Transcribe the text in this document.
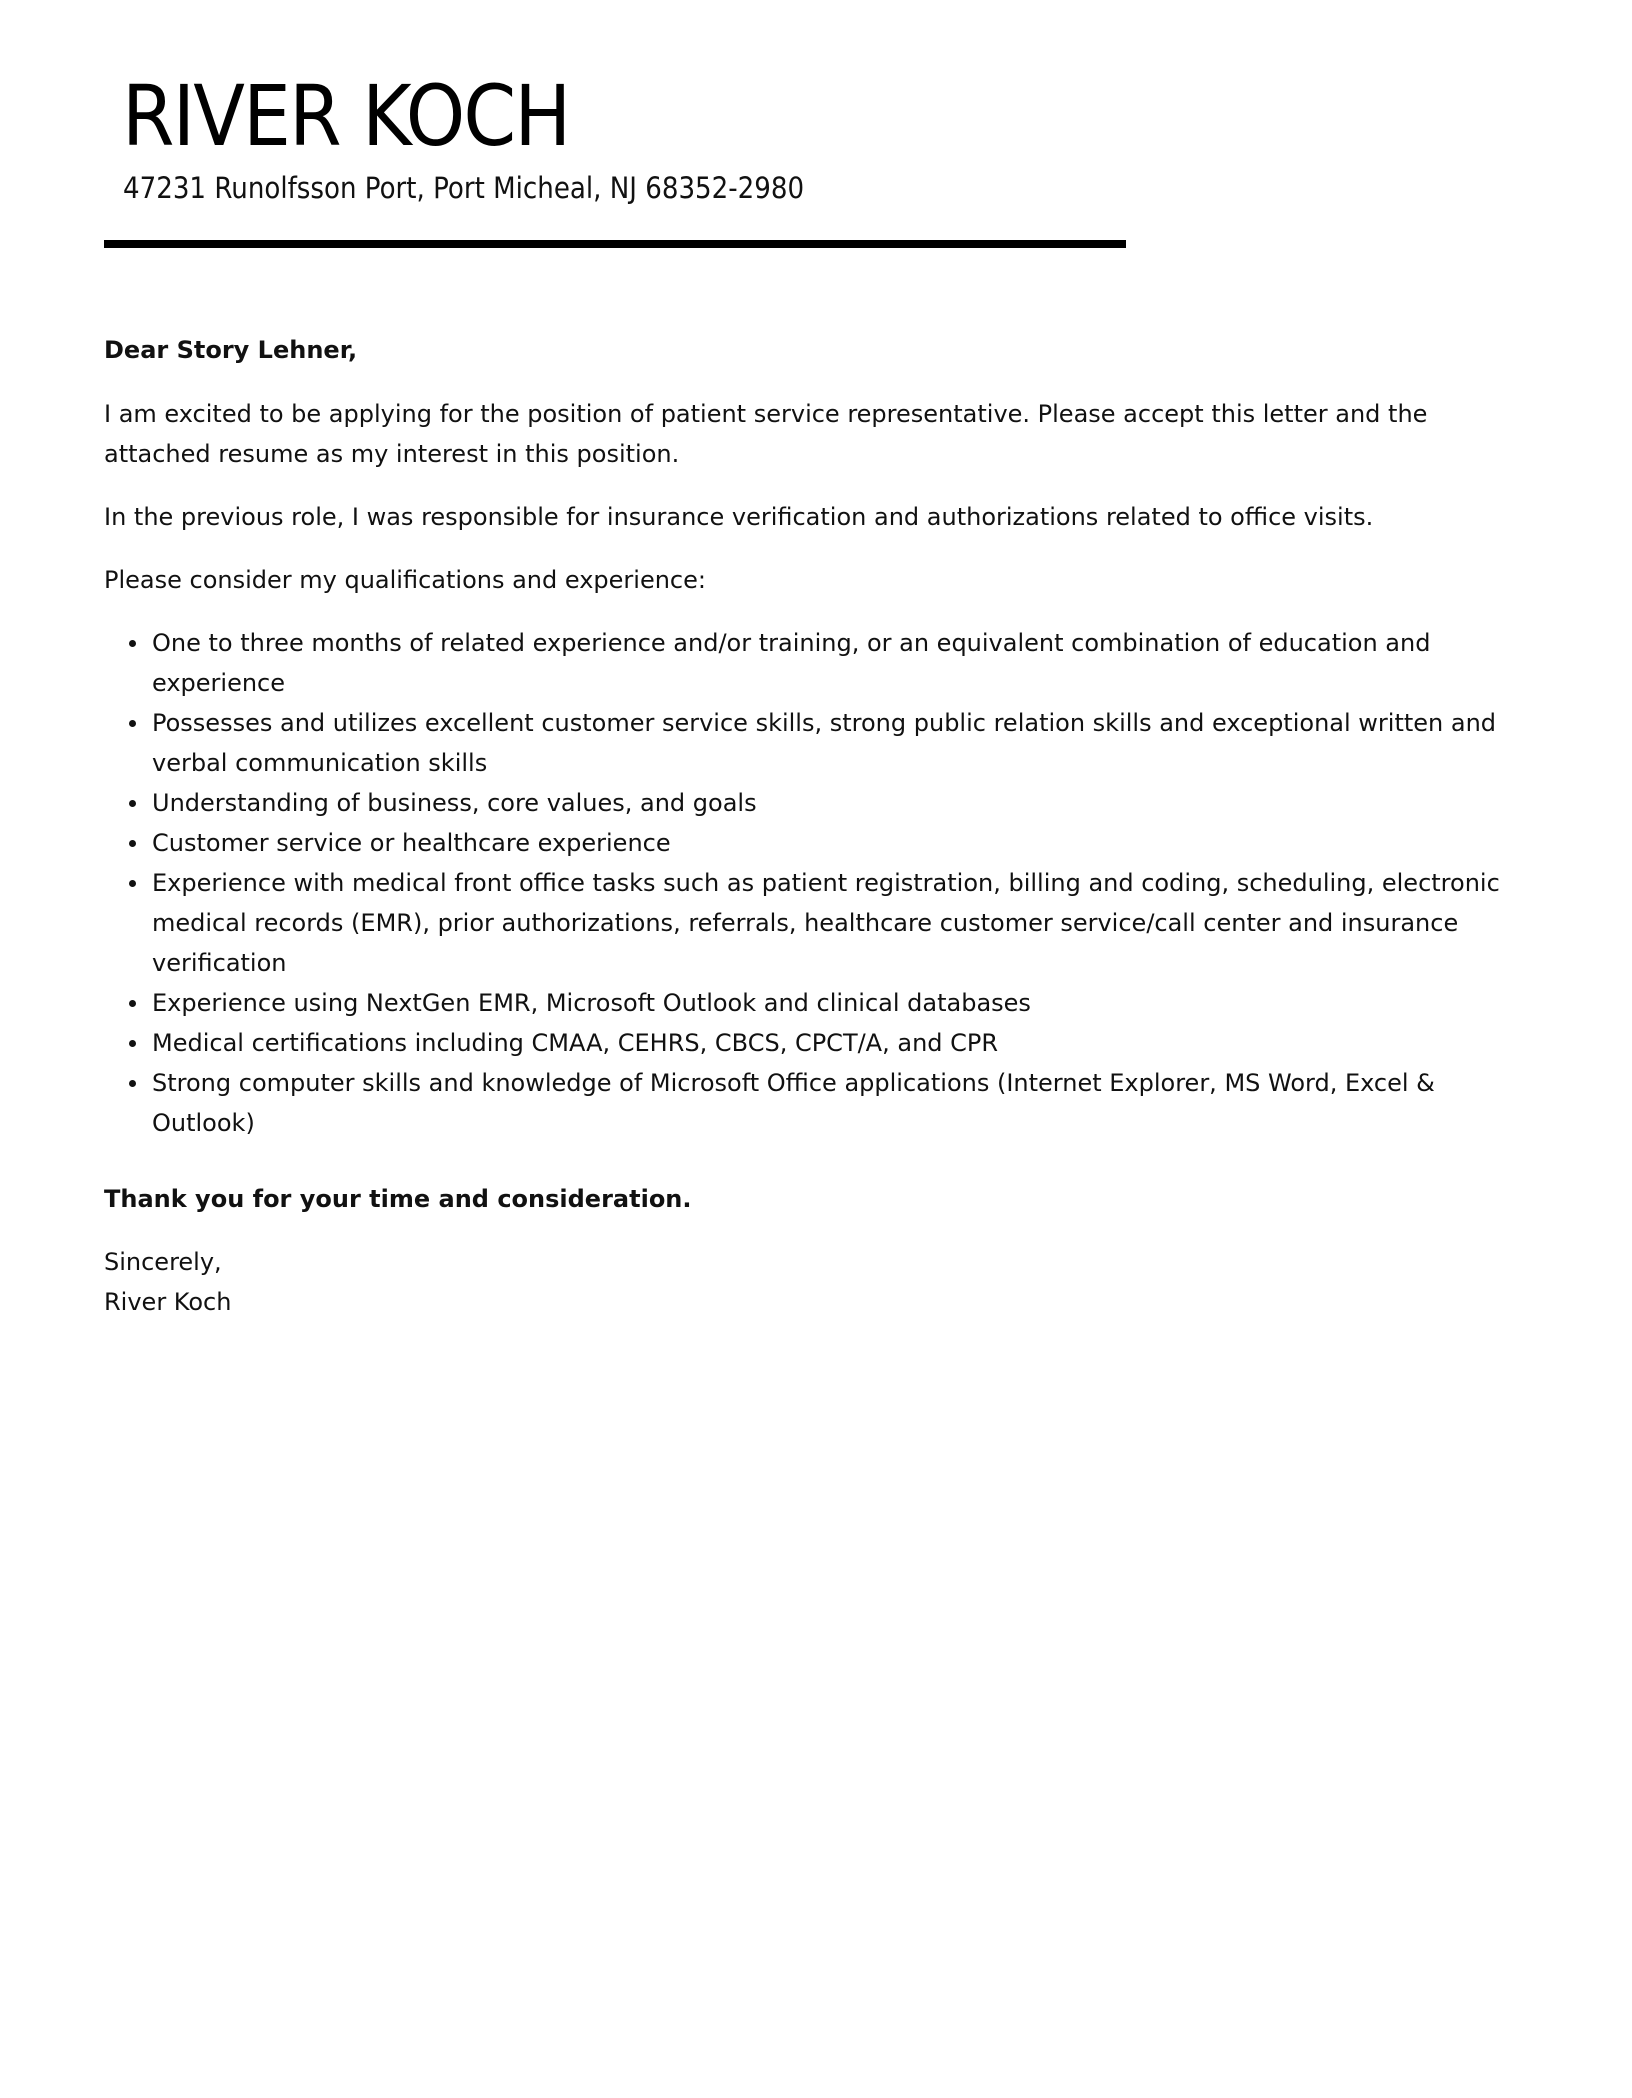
RIVER KOCH
47231 Runolfsson Port, Port Micheal, NJ 68352-2980

Dear Story Lehner,

I am excited to be applying for the position of patient service representative. Please accept this letter and the attached resume as my interest in this position.

In the previous role, I was responsible for insurance verification and authorizations related to office visits.

Please consider my qualifications and experience:

One to three months of related experience and/or training, or an equivalent combination of education and experience
Possesses and utilizes excellent customer service skills, strong public relation skills and exceptional written and verbal communication skills
Understanding of business, core values, and goals
Customer service or healthcare experience
Experience with medical front office tasks such as patient registration, billing and coding, scheduling, electronic medical records (EMR), prior authorizations, referrals, healthcare customer service/call center and insurance verification
Experience using NextGen EMR, Microsoft Outlook and clinical databases
Medical certifications including CMAA, CEHRS, CBCS, CPCT/A, and CPR
Strong computer skills and knowledge of Microsoft Office applications (Internet Explorer, MS Word, Excel & Outlook)

Thank you for your time and consideration.

Sincerely,

River Koch
